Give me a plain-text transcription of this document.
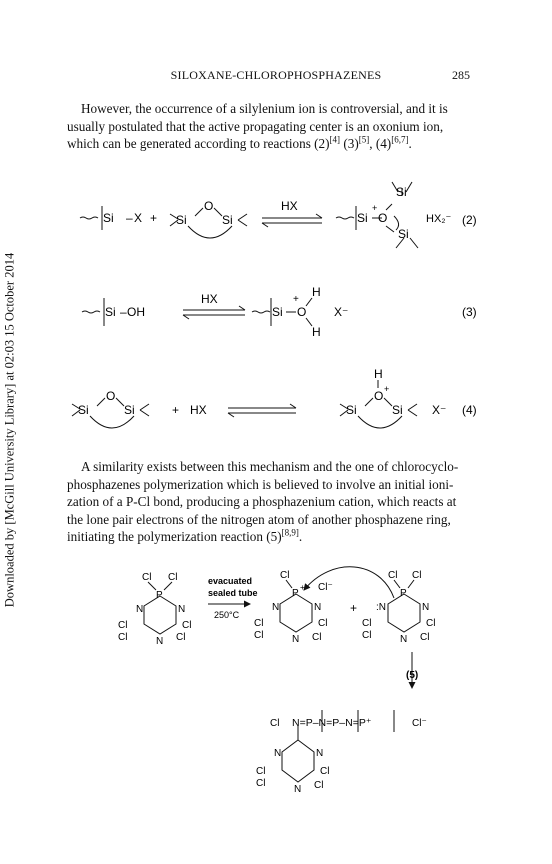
SILOXANE-CHLOROPHOSPHAZENES	285
Downloaded by [McGill University Library] at 02:03 15 October 2014
However, the occurrence of a silylenium ion is controversial, and it is
usually postulated that the active propagating center is an oxonium ion,
which can be generated according to reactions (2)[4] (3)[5], (4)[6,7].
Si – X + Si
O
Si
HX
Si O
+
Si
Si
HX₂⁻ (2)
Si – OH
HX
Si O
+
H
H
X⁻	(3)
Si
O
Si	+ HX	Si
O +
H
Si X⁻ (4)
A similarity exists between this mechanism and the one of chlorocyclo-
phosphazenes polymerization which is believed to involve an initial ioni-
zation of a P-Cl bond, producing a phosphazenium cation, which reacts at
the lone pair electrons of the nitrogen atom of another phosphazene ring,
initiating the polymerization reaction (5)[8,9].
Cl Cl
P
N	N
N
Cl
Cl
Cl
Cl
evacuated
sealed tube
250°C
Cl
P
+ Cl⁻
N	N
N
Cl
Cl
Cl
Cl
+
Cl Cl
P
:N	N
N
Cl
Cl
Cl
Cl
(5)
Cl N=P–N=P–N=P⁺	Cl⁻
N	N
N
Cl
Cl
Cl
Cl
